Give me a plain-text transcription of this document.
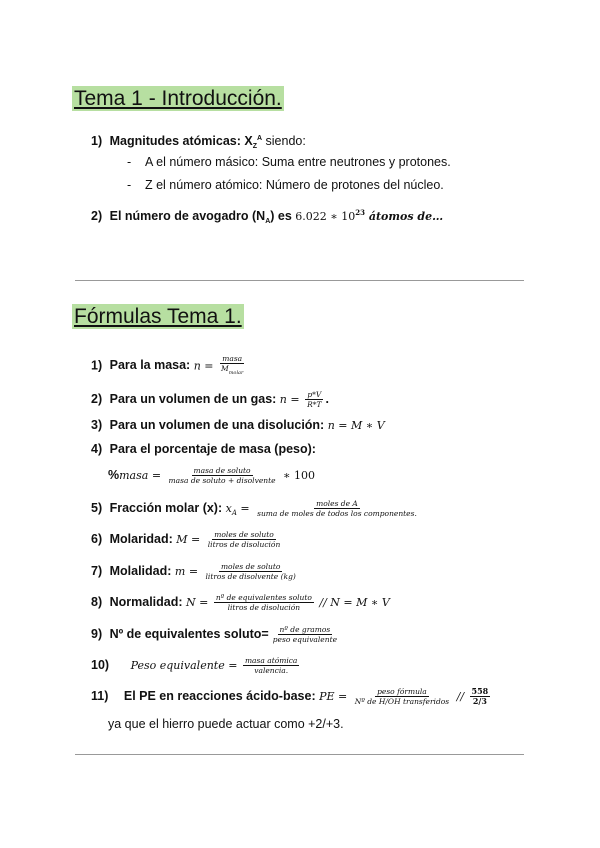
Tema 1 - Introducción.
1) Magnitudes atómicas: $X_Z^A$ siendo:
- A el número másico: Suma entre neutrones y protones.
- Z el número atómico: Número de protones del núcleo.
2) El número de avogadro $(N_A)$ es 6.022 ∗ $10^{23}$ átomos de…
Fórmulas Tema 1.
1) Para la masa: $n = \frac{\text{masa}}{M_{molar}}$
2) Para un volumen de un gas: $n = \frac{p*V}{R*T}$ .
3) Para un volumen de una disolución: n = M ∗ V
4) Para el porcentaje de masa (peso):
%masa = $\frac{\text{masa de soluto}}{\text{masa de soluto + disolvente}}$ ∗ 100
5) Fracción molar (x): $x_A = \frac{\text{moles de A}}{\text{suma de moles de todos los componentes.}}$
6) Molaridad: $M = \frac{\text{moles de soluto}}{\text{litros de disolución}}$
7) Molalidad: $m = \frac{\text{moles de soluto}}{\text{litros de disolvente (kg)}}$
8) Normalidad: $N = \frac{\text{nº de equivalentes soluto}}{\text{litros de disolución}} // N = M$ ∗ V
9) Nº de equivalentes soluto= $\frac{\text{nº de gramos}}{\text{peso equivalente}}$
10) Peso equivalente = $\frac{\text{masa atómica}}{\text{valencia.}}$
11) El PE en reacciones ácido-base: PE = $\frac{\text{peso fórmula}}{\text{Nº de H/OH transferidos}} // \frac{558}{2/3}$
ya que el hierro puede actuar como +2/+3.
